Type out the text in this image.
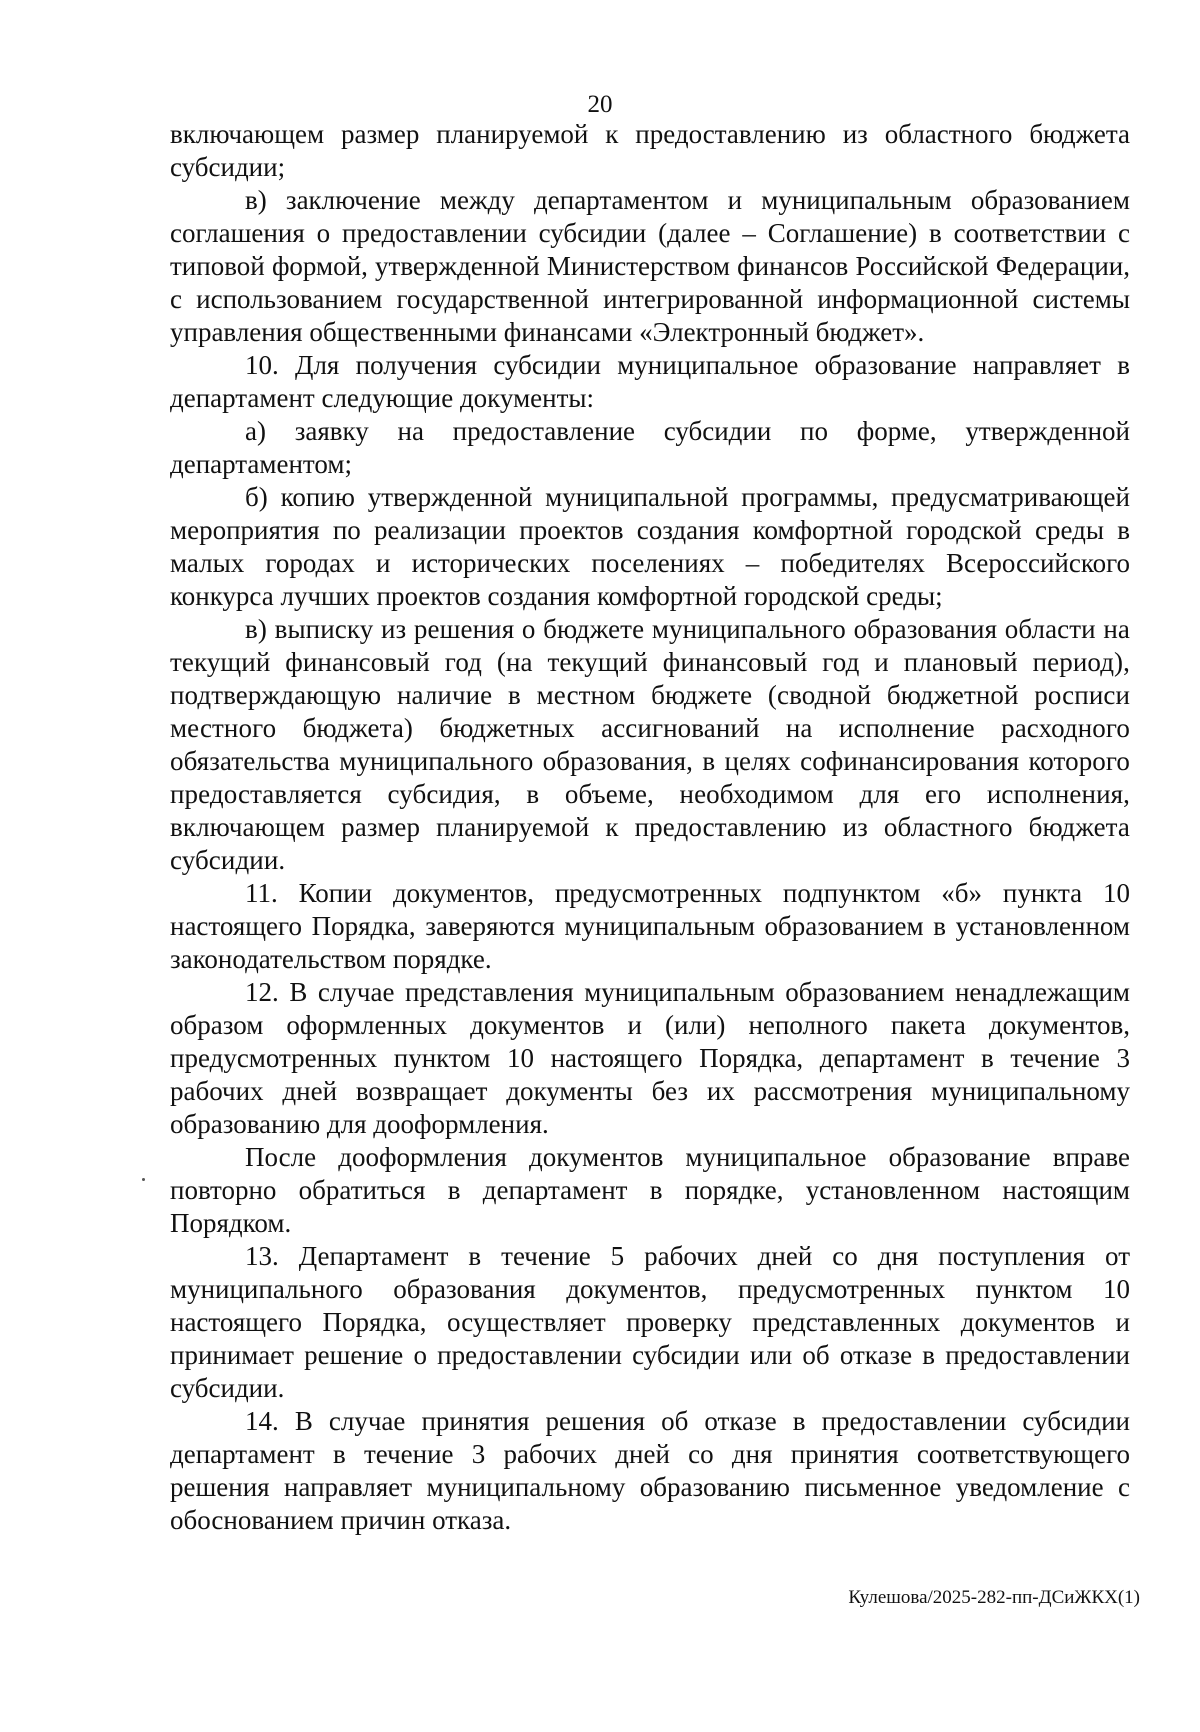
20

включающем размер планируемой к предоставлению из областного бюджета субсидии;

в) заключение между департаментом и муниципальным образованием соглашения о предоставлении субсидии (далее – Соглашение) в соответствии с типовой формой, утвержденной Министерством финансов Российской Федерации, с использованием государственной интегрированной информационной системы управления общественными финансами «Электронный бюджет».

10. Для получения субсидии муниципальное образование направляет в департамент следующие документы:

а) заявку на предоставление субсидии по форме, утвержденной департаментом;

б) копию утвержденной муниципальной программы, предусматривающей мероприятия по реализации проектов создания комфортной городской среды в малых городах и исторических поселениях – победителях Всероссийского конкурса лучших проектов создания комфортной городской среды;

в) выписку из решения о бюджете муниципального образования области на текущий финансовый год (на текущий финансовый год и плановый период), подтверждающую наличие в местном бюджете (сводной бюджетной росписи местного бюджета) бюджетных ассигнований на исполнение расходного обязательства муниципального образования, в целях софинансирования которого предоставляется субсидия, в объеме, необходимом для его исполнения, включающем размер планируемой к предоставлению из областного бюджета субсидии.

11. Копии документов, предусмотренных подпунктом «б» пункта 10 настоящего Порядка, заверяются муниципальным образованием в установленном законодательством порядке.

12. В случае представления муниципальным образованием ненадлежащим образом оформленных документов и (или) неполного пакета документов, предусмотренных пунктом 10 настоящего Порядка, департамент в течение 3 рабочих дней возвращает документы без их рассмотрения муниципальному образованию для дооформления.

После дооформления документов муниципальное образование вправе повторно обратиться в департамент в порядке, установленном настоящим Порядком.

13. Департамент в течение 5 рабочих дней со дня поступления от муниципального образования документов, предусмотренных пунктом 10 настоящего Порядка, осуществляет проверку представленных документов и принимает решение о предоставлении субсидии или об отказе в предоставлении субсидии.

14. В случае принятия решения об отказе в предоставлении субсидии департамент в течение 3 рабочих дней со дня принятия соответствующего решения направляет муниципальному образованию письменное уведомление с обоснованием причин отказа.

Кулешова/2025-282-пп-ДСиЖКХ(1)
